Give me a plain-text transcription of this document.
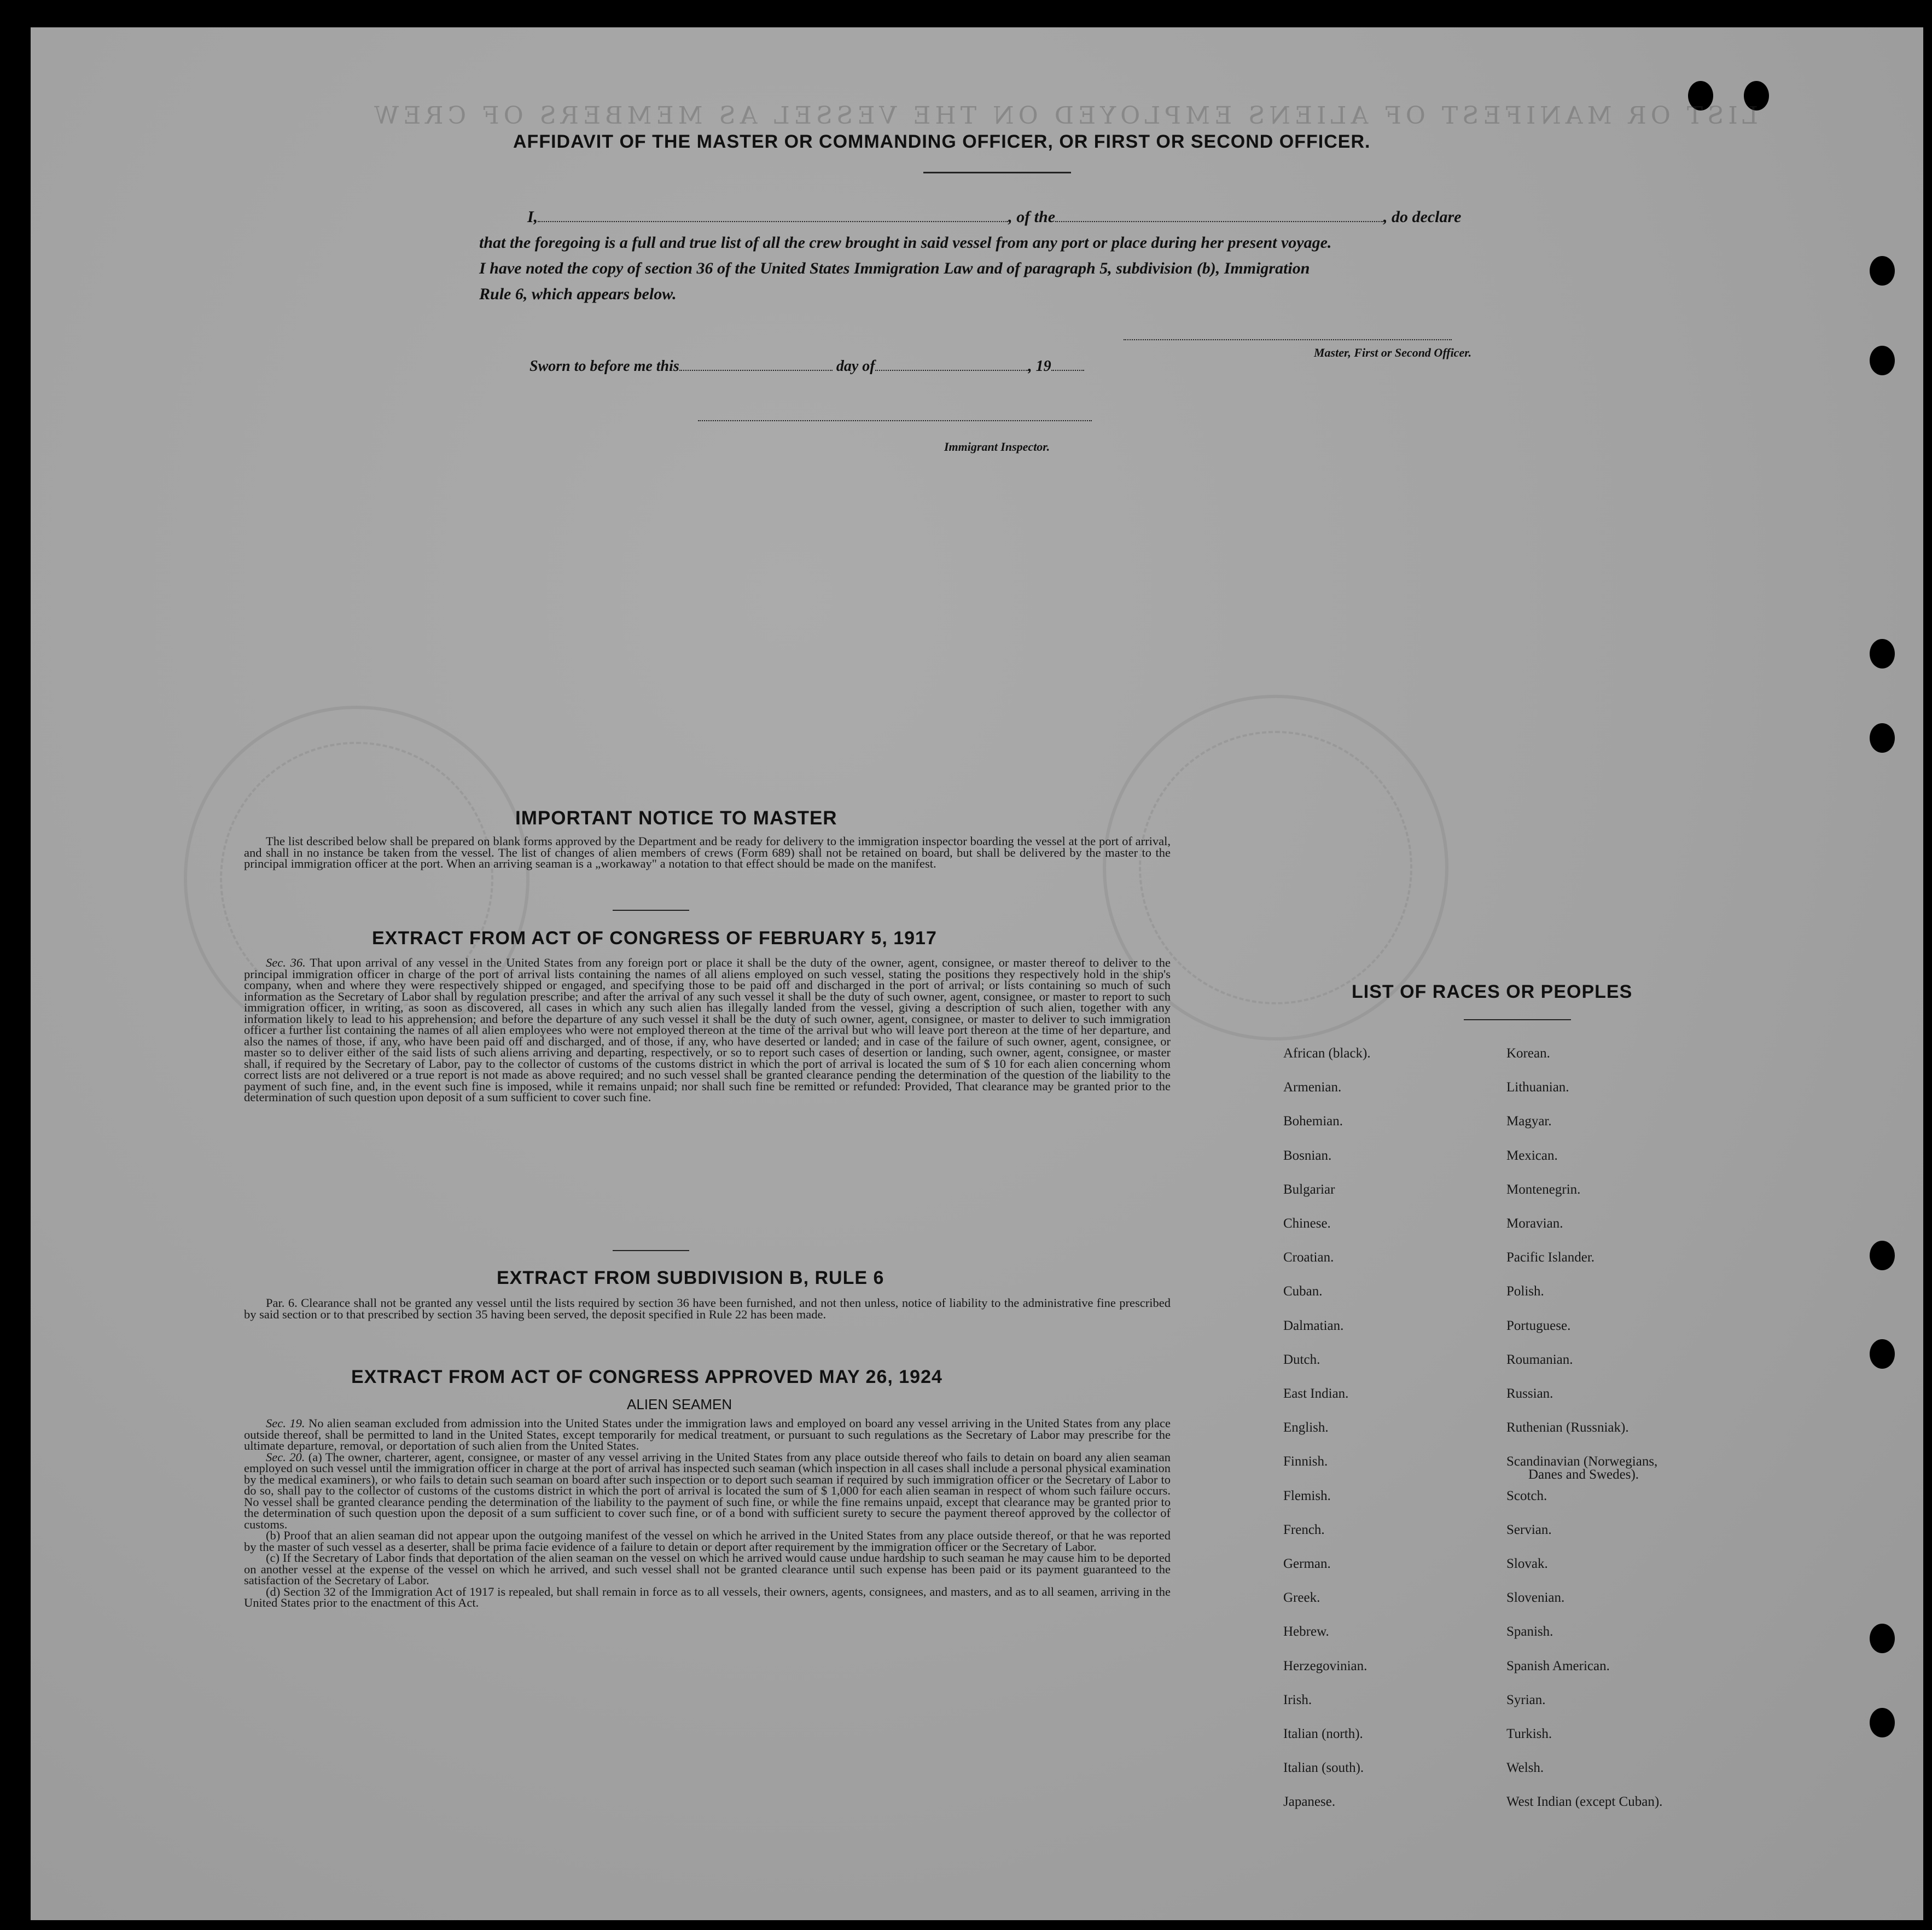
LIST OR MANIFEST OF ALIENS EMPLOYED ON THE VESSEL AS MEMBERS OF CREW
AFFIDAVIT OF THE MASTER OR COMMANDING OFFICER, OR FIRST OR SECOND OFFICER.
I,	, of the	, do declare
that the foregoing is a full and true list of all the crew brought in said vessel from any port or place during her present voyage.
I have noted the copy of section 36 of the United States Immigration Law and of paragraph 5, subdivision (b), Immigration
Rule 6, which appears below.
Master, First or Second Officer.
Sworn to before me this	day of	, 19
Immigrant Inspector.
IMPORTANT NOTICE TO MASTER

The list described below shall be prepared on blank forms approved by the Department and be ready for delivery to the immigration inspector boarding the vessel at the port of arrival, and shall in no instance be taken from the vessel. The list of changes of alien members of crews (Form 689) shall not be retained on board, but shall be delivered by the master to the principal immigration officer at the port. When an arriving seaman is a „workaway" a notation to that effect should be made on the manifest.

EXTRACT FROM ACT OF CONGRESS OF FEBRUARY 5, 1917

Sec. 36. That upon arrival of any vessel in the United States from any foreign port or place it shall be the duty of the owner, agent, consignee, or master thereof to deliver to the principal immigration officer in charge of the port of arrival lists containing the names of all aliens employed on such vessel, stating the positions they respectively hold in the ship's company, when and where they were respectively shipped or engaged, and specifying those to be paid off and discharged in the port of arrival; or lists containing so much of such information as the Secretary of Labor shall by regulation prescribe; and after the arrival of any such vessel it shall be the duty of such owner, agent, consignee, or master to report to such immigration officer, in writing, as soon as discovered, all cases in which any such alien has illegally landed from the vessel, giving a description of such alien, together with any information likely to lead to his apprehension; and before the departure of any such vessel it shall be the duty of such owner, agent, consignee, or master to deliver to such immigration officer a further list containing the names of all alien employees who were not employed thereon at the time of the arrival but who will leave port thereon at the time of her departure, and also the names of those, if any, who have been paid off and discharged, and of those, if any, who have deserted or landed; and in case of the failure of such owner, agent, consignee, or master so to deliver either of the said lists of such aliens arriving and departing, respectively, or so to report such cases of desertion or landing, such owner, agent, consignee, or master shall, if required by the Secretary of Labor, pay to the collector of customs of the customs district in which the port of arrival is located the sum of $ 10 for each alien concerning whom correct lists are not delivered or a true report is not made as above required; and no such vessel shall be granted clearance pending the determination of the question of the liability to the payment of such fine, and, in the event such fine is imposed, while it remains unpaid; nor shall such fine be remitted or refunded: Provided, That clearance may be granted prior to the determination of such question upon deposit of a sum sufficient to cover such fine.

EXTRACT FROM SUBDIVISION B, RULE 6

Par. 6. Clearance shall not be granted any vessel until the lists required by section 36 have been furnished, and not then unless, notice of liability to the administrative fine prescribed by said section or to that prescribed by section 35 having been served, the deposit specified in Rule 22 has been made.

EXTRACT FROM ACT OF CONGRESS APPROVED MAY 26, 1924
ALIEN SEAMEN

Sec. 19. No alien seaman excluded from admission into the United States under the immigration laws and employed on board any vessel arriving in the United States from any place outside thereof, shall be permitted to land in the United States, except temporarily for medical treatment, or pursuant to such regulations as the Secretary of Labor may prescribe for the ultimate departure, removal, or deportation of such alien from the United States.

Sec. 20. (a) The owner, charterer, agent, consignee, or master of any vessel arriving in the United States from any place outside thereof who fails to detain on board any alien seaman employed on such vessel until the immigration officer in charge at the port of arrival has inspected such seaman (which inspection in all cases shall include a personal physical examination by the medical examiners), or who fails to detain such seaman on board after such inspection or to deport such seaman if required by such immigration officer or the Secretary of Labor to do so, shall pay to the collector of customs of the customs district in which the port of arrival is located the sum of $ 1,000 for each alien seaman in respect of whom such failure occurs. No vessel shall be granted clearance pending the determination of the liability to the payment of such fine, or while the fine remains unpaid, except that clearance may be granted prior to the determination of such question upon the deposit of a sum sufficient to cover such fine, or of a bond with sufficient surety to secure the payment thereof approved by the collector of customs.

(b) Proof that an alien seaman did not appear upon the outgoing manifest of the vessel on which he arrived in the United States from any place outside thereof, or that he was reported by the master of such vessel as a deserter, shall be prima facie evidence of a failure to detain or deport after requirement by the immigration officer or the Secretary of Labor.

(c) If the Secretary of Labor finds that deportation of the alien seaman on the vessel on which he arrived would cause undue hardship to such seaman he may cause him to be deported on another vessel at the expense of the vessel on which he arrived, and such vessel shall not be granted clearance until such expense has been paid or its payment guaranteed to the satisfaction of the Secretary of Labor.

(d) Section 32 of the Immigration Act of 1917 is repealed, but shall remain in force as to all vessels, their owners, agents, consignees, and masters, and as to all seamen, arriving in the United States prior to the enactment of this Act.

LIST OF RACES OR PEOPLES
African (black).
Armenian.
Bohemian.
Bosnian.
Bulgariar
Chinese.
Croatian.
Cuban.
Dalmatian.
Dutch.
East Indian.
English.
Finnish.
Flemish.
French.
German.
Greek.
Hebrew.
Herzegovinian.
Irish.
Italian (north).
Italian (south).
Japanese.
Korean.
Lithuanian.
Magyar.
Mexican.
Montenegrin.
Moravian.
Pacific Islander.
Polish.
Portuguese.
Roumanian.
Russian.
Ruthenian (Russniak).
Scandinavian (Norwegians,
Danes and Swedes).
Scotch.
Servian.
Slovak.
Slovenian.
Spanish.
Spanish American.
Syrian.
Turkish.
Welsh.
West Indian (except Cuban).
